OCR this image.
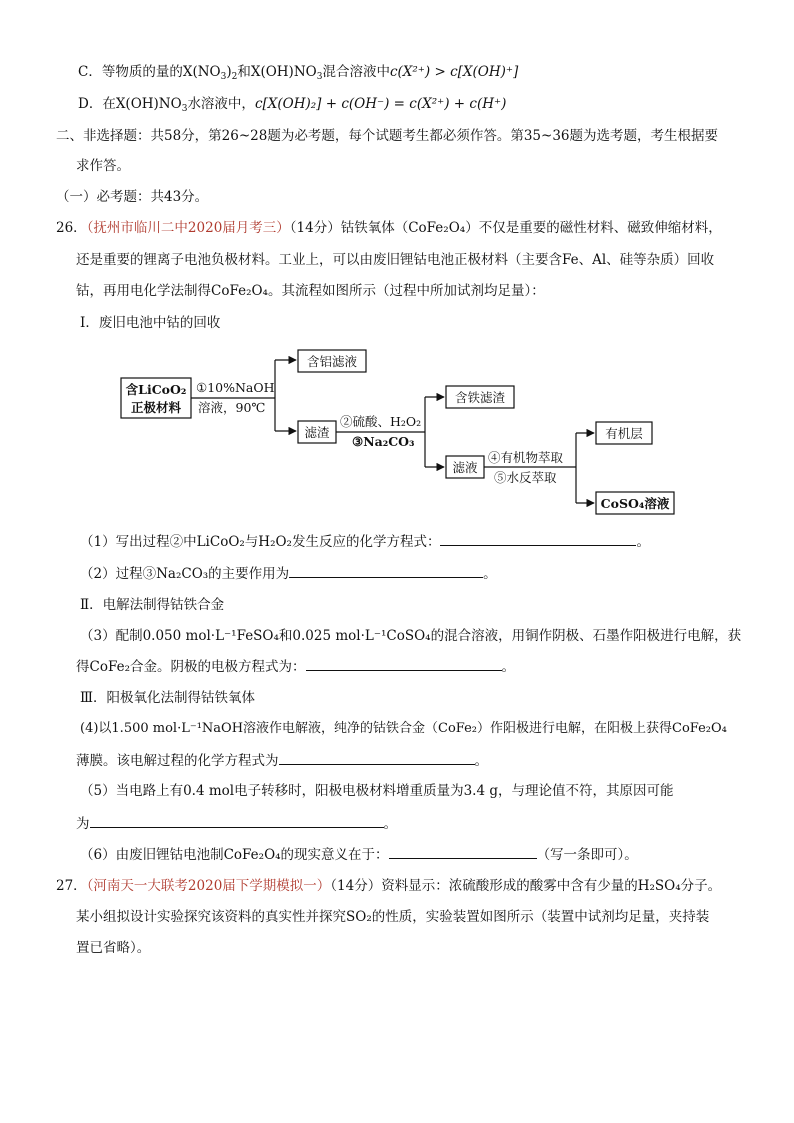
C．等物质的量的$X(NO_3)_2$和$X(OH)NO_3$混合溶液中c(X²⁺) > c[X(OH)⁺]
D．在$X(OH)NO_3$水溶液中，c[X(OH)₂] + c(OH⁻) = c(X²⁺) + c(H⁺)
二、非选择题：共58分，第26~28题为必考题，每个试题考生都必须作答。第35~36题为选考题，考生根据要
求作答。
（一）必考题：共43分。
26．（抚州市临川二中2020届月考三）（14分）钴铁氧体（CoFe₂O₄）不仅是重要的磁性材料、磁致伸缩材料，
还是重要的锂离子电池负极材料。工业上，可以由废旧锂钴电池正极材料（主要含Fe、Al、硅等杂质）回收
钴，再用电化学法制得CoFe₂O₄。其流程如图所示（过程中所加试剂均足量）：
Ⅰ．废旧电池中钴的回收
含LiCoO₂
正极材料
①10%NaOH
溶液，90℃
含铝滤液
滤渣
②硫酸、H₂O₂
③Na₂CO₃
含铁滤渣
滤液
④有机物萃取
⑤水反萃取
有机层
CoSO₄溶液
（1）写出过程②中LiCoO₂与H₂O₂发生反应的化学方程式：	。
（2）过程③Na₂CO₃的主要作用为	。
Ⅱ．电解法制得钴铁合金
（3）配制0.050 mol·L⁻¹FeSO₄和0.025 mol·L⁻¹CoSO₄的混合溶液，用铜作阴极、石墨作阳极进行电解，获
得CoFe₂合金。阴极的电极方程式为：	。
Ⅲ．阳极氧化法制得钴铁氧体
(4)以1.500 mol·L⁻¹NaOH溶液作电解液，纯净的钴铁合金（CoFe₂）作阳极进行电解，在阳极上获得CoFe₂O₄
薄膜。该电解过程的化学方程式为	。
（5）当电路上有0.4 mol电子转移时，阳极电极材料增重质量为3.4 g，与理论值不符，其原因可能
为	。
（6）由废旧锂钴电池制CoFe₂O₄的现实意义在于：	（写一条即可）。
27．（河南天一大联考2020届下学期模拟一）（14分）资料显示：浓硫酸形成的酸雾中含有少量的H₂SO₄分子。
某小组拟设计实验探究该资料的真实性并探究SO₂的性质，实验装置如图所示（装置中试剂均足量，夹持装
置已省略）。
